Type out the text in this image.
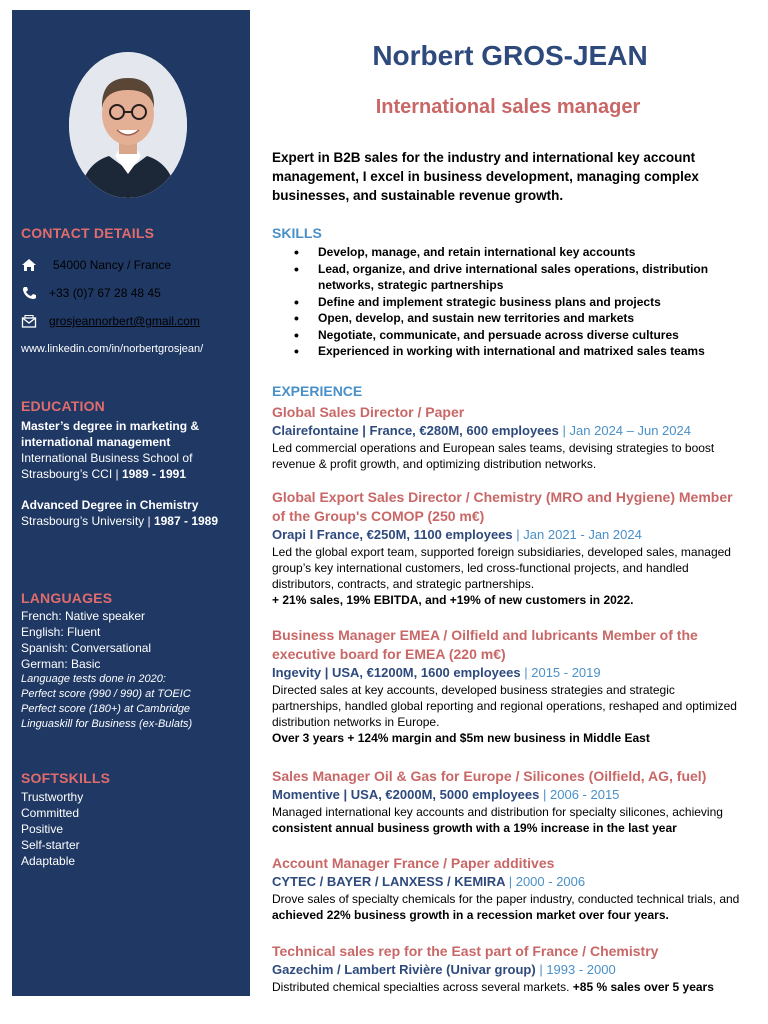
CONTACT DETAILS
54000 Nancy / France
+33 (0)7 67 28 48 45
grosjeannorbert@gmail.com
www.linkedin.com/in/norbertgrosjean/
EDUCATION
Master’s degree in marketing & international management
International Business School of Strasbourg’s CCI | 1989 - 1991
Advanced Degree in Chemistry
Strasbourg’s University | 1987 - 1989
LANGUAGES
French: Native speaker
English: Fluent
Spanish: Conversational
German: Basic
Language tests done in 2020:
Perfect score (990 / 990) at TOEIC
Perfect score (180+) at Cambridge
Linguaskill for Business (ex-Bulats)
SOFTSKILLS
Trustworthy
Committed
Positive
Self-starter
Adaptable
Norbert GROS-JEAN
International sales manager
Expert in B2B sales for the industry and international key account management, I excel in business development, managing complex businesses, and sustainable revenue growth.
SKILLS
• Develop, manage, and retain international key accounts
• Lead, organize, and drive international sales operations, distribution networks, strategic partnerships
• Define and implement strategic business plans and projects
• Open, develop, and sustain new territories and markets
• Negotiate, communicate, and persuade across diverse cultures
• Experienced in working with international and matrixed sales teams
EXPERIENCE
Global Sales Director / Paper
Clairefontaine | France, €280M, 600 employees | Jan 2024 – Jun 2024
Led commercial operations and European sales teams, devising strategies to boost revenue & profit growth, and optimizing distribution networks.
Global Export Sales Director / Chemistry (MRO and Hygiene) Member of the Group's COMOP (250 m€)
Orapi I France, €250M, 1100 employees | Jan 2021 - Jan 2024
Led the global export team, supported foreign subsidiaries, developed sales, managed group’s key international customers, led cross-functional projects, and handled distributors, contracts, and strategic partnerships.
+ 21% sales, 19% EBITDA, and +19% of new customers in 2022.
Business Manager EMEA / Oilfield and lubricants Member of the executive board for EMEA (220 m€)
Ingevity | USA, €1200M, 1600 employees | 2015 - 2019
Directed sales at key accounts, developed business strategies and strategic partnerships, handled global reporting and regional operations, reshaped and optimized distribution networks in Europe.
Over 3 years + 124% margin and $5m new business in Middle East
Sales Manager Oil & Gas for Europe / Silicones (Oilfield, AG, fuel)
Momentive | USA, €2000M, 5000 employees | 2006 - 2015
Managed international key accounts and distribution for specialty silicones, achieving consistent annual business growth with a 19% increase in the last year
Account Manager France / Paper additives
CYTEC / BAYER / LANXESS / KEMIRA | 2000 - 2006
Drove sales of specialty chemicals for the paper industry, conducted technical trials, and achieved 22% business growth in a recession market over four years.
Technical sales rep for the East part of France / Chemistry
Gazechim / Lambert Rivière (Univar group) | 1993 - 2000
Distributed chemical specialties across several markets. +85 % sales over 5 years
